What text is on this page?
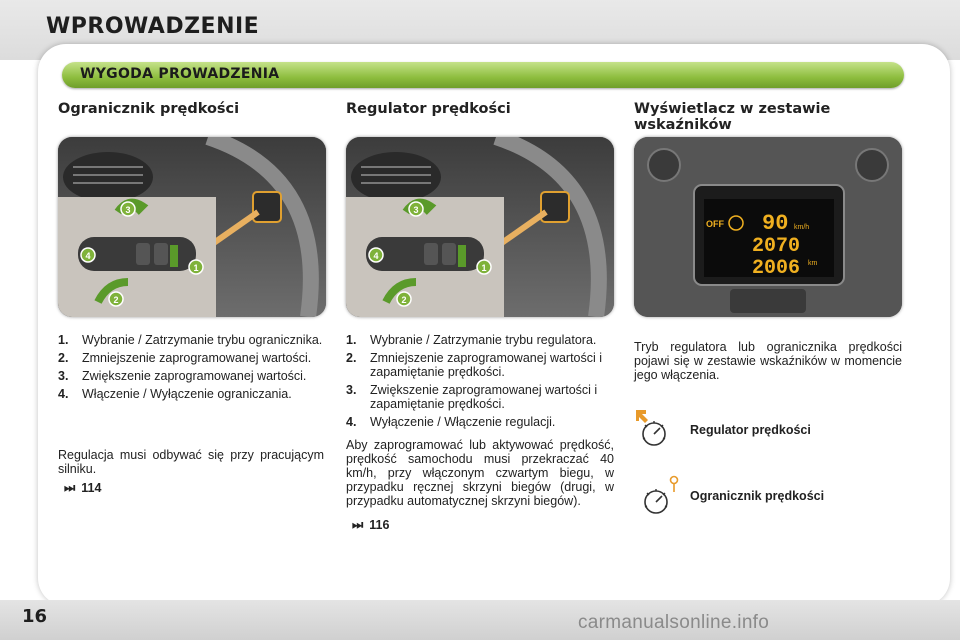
WPROWADZENIE
WYGODA PROWADZENIA
Ogranicznik prędkości
3
4
1
2
1.	Wybranie / Zatrzymanie trybu ogranicznika.
2.	Zmniejszenie zaprogramowanej wartości.
3.	Zwiększenie zaprogramowanej wartości.
4.	Włączenie / Wyłączenie ograniczania.
Regulacja musi odbywać się przy pracującym silniku.
⏭ 114
Regulator prędkości
3
4
1
2
1.	Wybranie / Zatrzymanie trybu regulatora.
2.	Zmniejszenie zaprogramowanej wartości i zapamiętanie prędkości.
3.	Zwiększenie zaprogramowanej wartości i zapamiętanie prędkości.
4.	Wyłączenie / Włączenie regulacji.
Aby zaprogramować lub aktywować prędkość, prędkość samochodu musi przekraczać 40 km/h, przy włączonym czwartym biegu, w przypadku ręcznej skrzyni biegów (drugi, w przypadku automatycznej skrzyni biegów).
⏭ 116
Wyświetlacz w zestawie wskaźników
OFF 90 km/h
2070
2006 km
Tryb regulatora lub ogranicznika prędkości pojawi się w zestawie wskaźników w momencie jego włączenia.
Regulator prędkości
Ogranicznik prędkości
16	carmanualsonline.info
